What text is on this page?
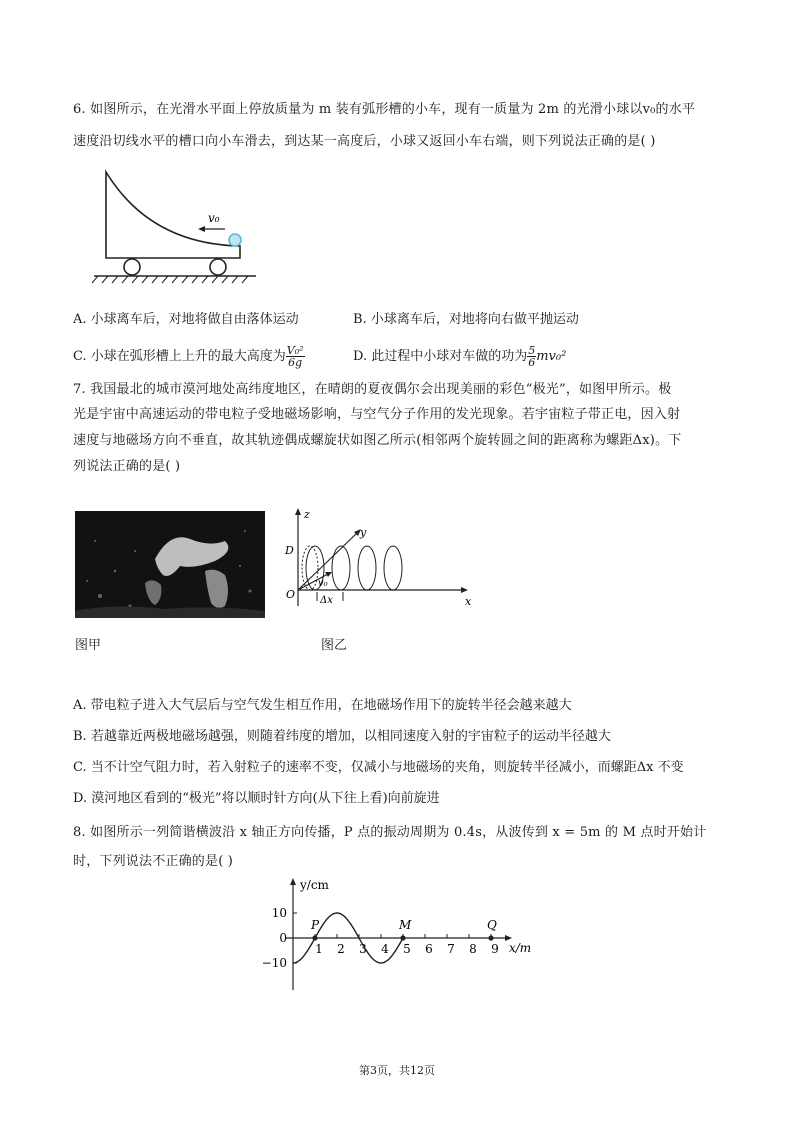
6. 如图所示，在光滑水平面上停放质量为 m 装有弧形槽的小车，现有一质量为 2m 的光滑小球以v₀的水平
速度沿切线水平的槽口向小车滑去，到达某一高度后，小球又返回小车右端，则下列说法正确的是( )
v₀
A. 小球离车后，对地将做自由落体运动	B. 小球离车后，对地将向右做平抛运动
C. 小球在弧形槽上上升的最大高度为 $\frac{\text{V₀²}}{6g}$	D. 此过程中小球对车做的功为 $\frac{5}{6} mv_0^2$
7. 我国最北的城市漠河地处高纬度地区，在晴朗的夏夜偶尔会出现美丽的彩色“极光”，如图甲所示。极
光是宇宙中高速运动的带电粒子受地磁场影响，与空气分子作用的发光现象。若宇宙粒子带正电，因入射
速度与地磁场方向不垂直，故其轨迹偶成螺旋状如图乙所示(相邻两个旋转圆之间的距离称为螺距Δx)。下
列说法正确的是( )
z
x
y
D
O
v₀
Δx
图甲	图乙
A. 带电粒子进入大气层后与空气发生相互作用，在地磁场作用下的旋转半径会越来越大
B. 若越靠近两极地磁场越强，则随着纬度的增加，以相同速度入射的宇宙粒子的运动半径越大
C. 当不计空气阻力时，若入射粒子的速率不变，仅减小与地磁场的夹角，则旋转半径减小，而螺距Δx 不变
D. 漠河地区看到的“极光”将以顺时针方向(从下往上看)向前旋进
8. 如图所示一列简谐横波沿 x 轴正方向传播，P 点的振动周期为 0.4s，从波传到 x = 5m 的 M 点时开始计
时，下列说法不正确的是( )
y/cm
x/m
10
0
−10
1 2 3 4 5 6 7 8 9
P	M	Q
第3页，共12页
